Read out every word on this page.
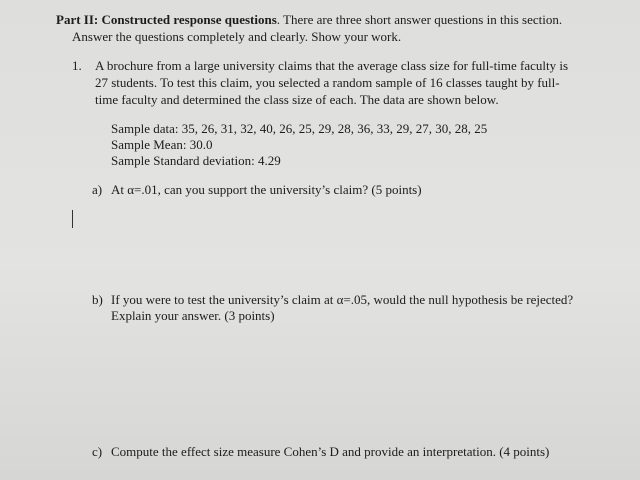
Part II: Constructed response questions. There are three short answer questions in this section.
Answer the questions completely and clearly. Show your work.
1. A brochure from a large university claims that the average class size for full-time faculty is
27 students. To test this claim, you selected a random sample of 16 classes taught by full-
time faculty and determined the class size of each. The data are shown below.
Sample data: 35, 26, 31, 32, 40, 26, 25, 29, 28, 36, 33, 29, 27, 30, 28, 25
Sample Mean: 30.0
Sample Standard deviation: 4.29
a) At α=.01, can you support the university’s claim? (5 points)
b) If you were to test the university’s claim at α=.05, would the null hypothesis be rejected?
Explain your answer. (3 points)
c) Compute the effect size measure Cohen’s D and provide an interpretation. (4 points)
